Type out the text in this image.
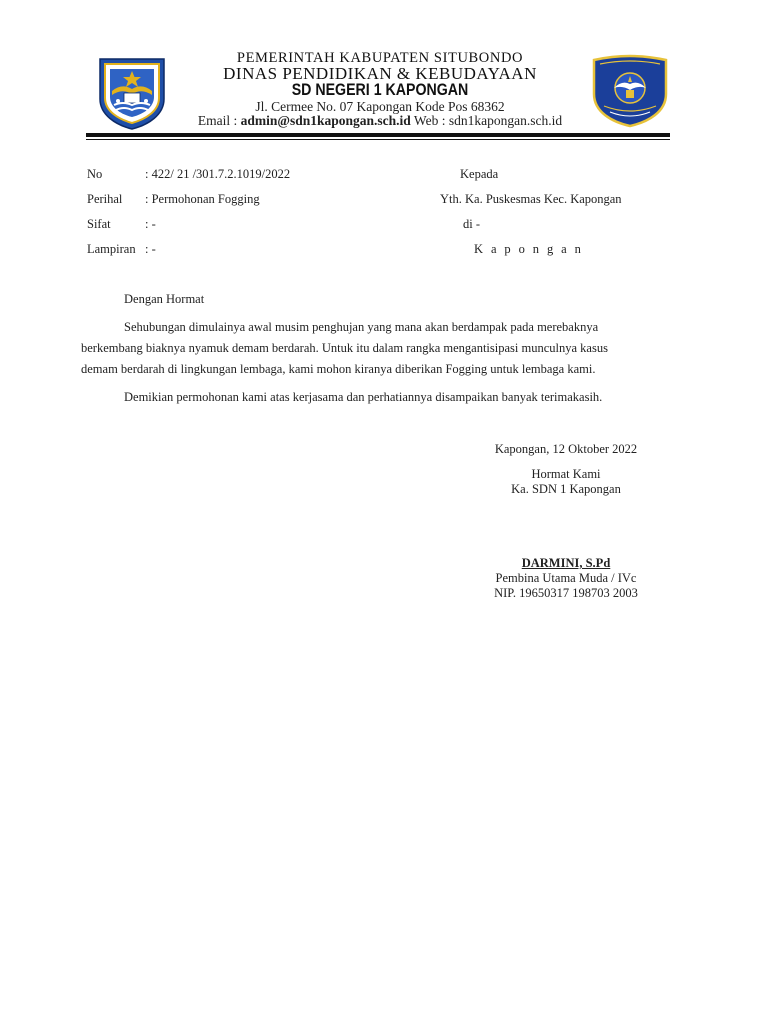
PEMERINTAH KABUPATEN SITUBONDO
DINAS PENDIDIKAN & KEBUDAYAAN
SD NEGERI 1 KAPONGAN
Jl. Cermee No. 07 Kapongan Kode Pos 68362
Email : admin@sdn1kapongan.sch.id Web : sdn1kapongan.sch.id
No	: 422/ 21 /301.7.2.1019/2022
Perihal : Permohonan Fogging
Sifat	: -
Lampiran : -
Kepada
Yth. Ka. Puskesmas Kec. Kapongan
di -
K a p o n g a n
Dengan Hormat
Sehubungan dimulainya awal musim penghujan yang mana akan berdampak pada merebaknya
berkembang biaknya nyamuk demam berdarah. Untuk itu dalam rangka mengantisipasi munculnya kasus
demam berdarah di lingkungan lembaga, kami mohon kiranya diberikan Fogging untuk lembaga kami.
Demikian permohonan kami atas kerjasama dan perhatiannya disampaikan banyak terimakasih.
Kapongan, 12 Oktober 2022
Hormat Kami
Ka. SDN 1 Kapongan
DARMINI, S.Pd
Pembina Utama Muda / IVc
NIP. 19650317 198703 2003
